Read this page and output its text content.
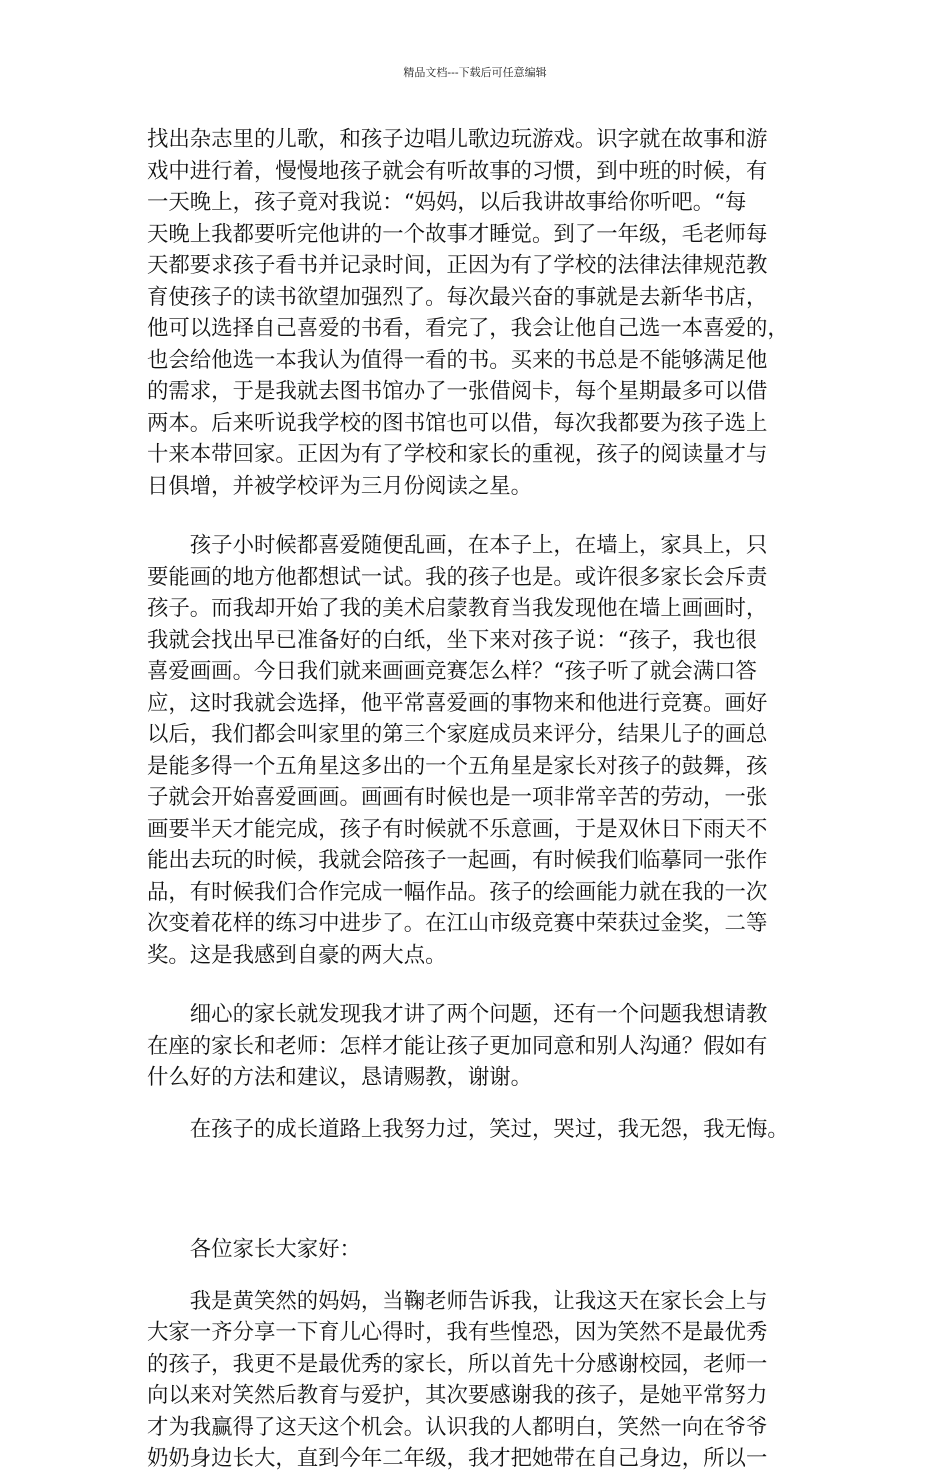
精品文档---下载后可任意编辑

找出杂志里的儿歌，和孩子边唱儿歌边玩游戏。识字就在故事和游
戏中进行着，慢慢地孩子就会有听故事的习惯，到中班的时候，有
一天晚上，孩子竟对我说：“妈妈，以后我讲故事给你听吧。“每
天晚上我都要听完他讲的一个故事才睡觉。到了一年级，毛老师每
天都要求孩子看书并记录时间，正因为有了学校的法律法律规范教
育使孩子的读书欲望加强烈了。每次最兴奋的事就是去新华书店，
他可以选择自己喜爱的书看，看完了，我会让他自己选一本喜爱的，
也会给他选一本我认为值得一看的书。买来的书总是不能够满足他
的需求，于是我就去图书馆办了一张借阅卡，每个星期最多可以借
两本。后来听说我学校的图书馆也可以借，每次我都要为孩子选上
十来本带回家。正因为有了学校和家长的重视，孩子的阅读量才与
日俱增，并被学校评为三月份阅读之星。

　　孩子小时候都喜爱随便乱画，在本子上，在墙上，家具上，只
要能画的地方他都想试一试。我的孩子也是。或许很多家长会斥责
孩子。而我却开始了我的美术启蒙教育当我发现他在墙上画画时，
我就会找出早已准备好的白纸，坐下来对孩子说：“孩子，我也很
喜爱画画。今日我们就来画画竞赛怎么样？“孩子听了就会满口答
应，这时我就会选择，他平常喜爱画的事物来和他进行竞赛。画好
以后，我们都会叫家里的第三个家庭成员来评分，结果儿子的画总
是能多得一个五角星这多出的一个五角星是家长对孩子的鼓舞，孩
子就会开始喜爱画画。画画有时候也是一项非常辛苦的劳动，一张
画要半天才能完成，孩子有时候就不乐意画，于是双休日下雨天不
能出去玩的时候，我就会陪孩子一起画，有时候我们临摹同一张作
品，有时候我们合作完成一幅作品。孩子的绘画能力就在我的一次
次变着花样的练习中进步了。在江山市级竞赛中荣获过金奖，二等
奖。这是我感到自豪的两大点。

　　细心的家长就发现我才讲了两个问题，还有一个问题我想请教
在座的家长和老师：怎样才能让孩子更加同意和别人沟通？假如有
什么好的方法和建议，恳请赐教，谢谢。

　　在孩子的成长道路上我努力过，笑过，哭过，我无怨，我无悔。

　　各位家长大家好：

　　我是黄笑然的妈妈，当鞠老师告诉我，让我这天在家长会上与
大家一齐分享一下育儿心得时，我有些惶恐，因为笑然不是最优秀
的孩子，我更不是最优秀的家长，所以首先十分感谢校园，老师一
向以来对笑然后教育与爱护，其次要感谢我的孩子，是她平常努力
才为我赢得了这天这个机会。认识我的人都明白，笑然一向在爷爷
奶奶身边长大，直到今年二年级，我才把她带在自己身边，所以一
